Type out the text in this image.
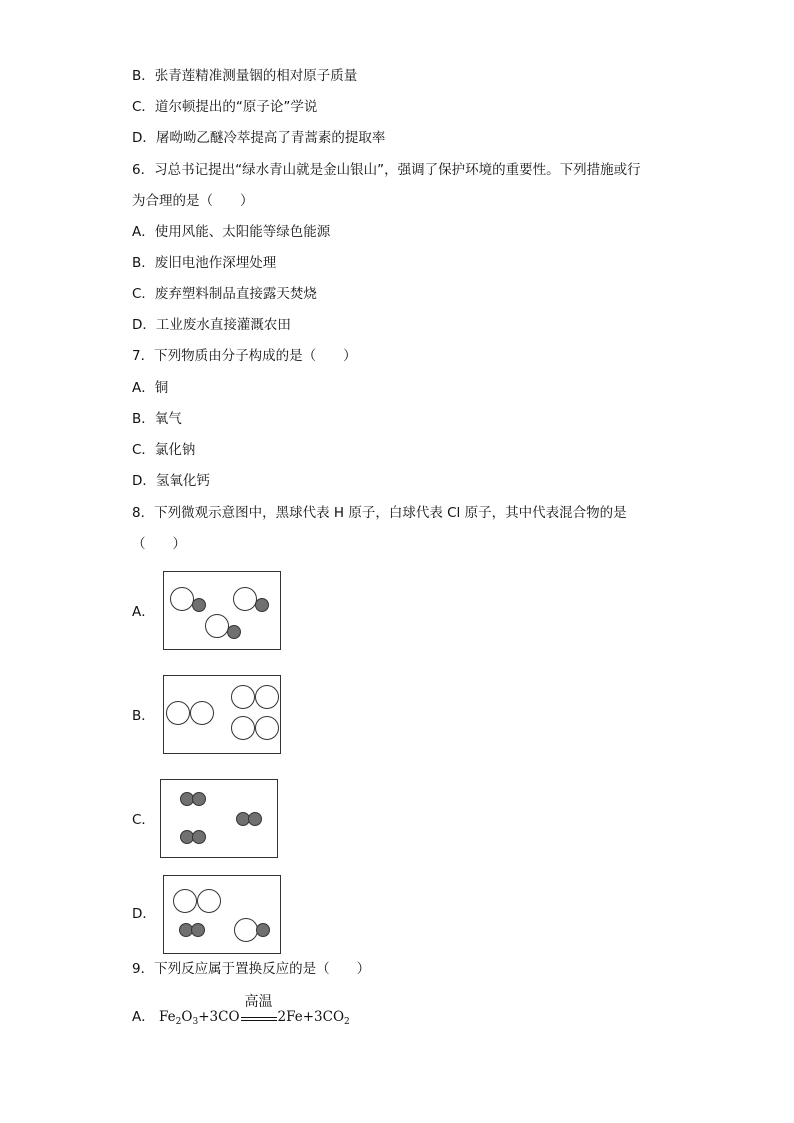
B．张青莲精准测量铟的相对原子质量
C．道尔顿提出的“原子论”学说
D．屠呦呦乙醚冷萃提高了青蒿素的提取率
6．习总书记提出“绿水青山就是金山银山”，强调了保护环境的重要性。下列措施或行
为合理的是（　　）
A．使用风能、太阳能等绿色能源
B．废旧电池作深埋处理
C．废弃塑料制品直接露天焚烧
D．工业废水直接灌溉农田
7．下列物质由分子构成的是（　　）
A．铜
B．氧气
C．氯化钠
D．氢氧化钙
8．下列微观示意图中，黑球代表 H 原子，白球代表 Cl 原子，其中代表混合物的是
（　　）
A．
B．
C．
D．
9．下列反应属于置换反应的是（　　）
A． $Fe_2O_3+3CO$
高温
$2Fe+3CO_2$
